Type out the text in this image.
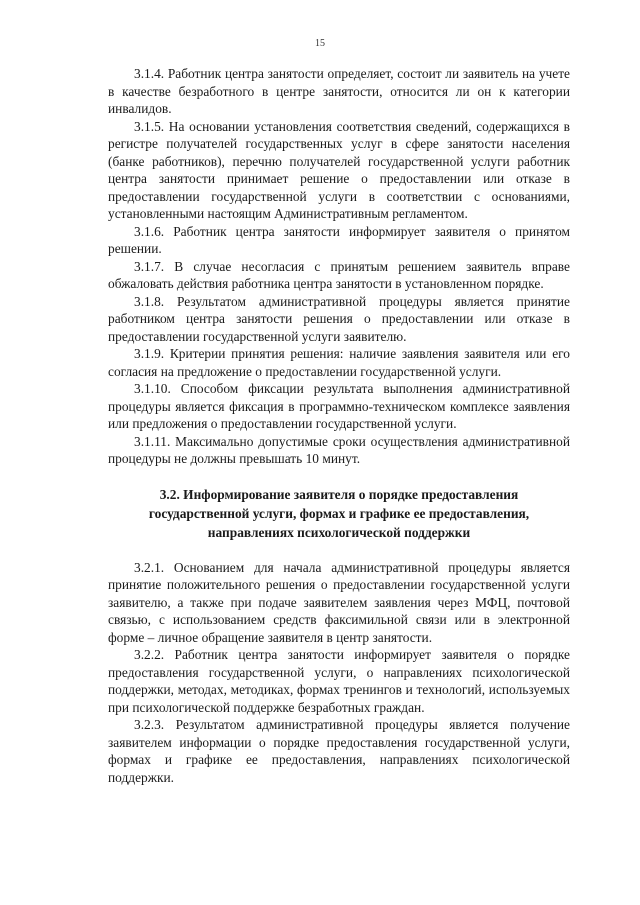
15

3.1.4. Работник центра занятости определяет, состоит ли заявитель на учете в качестве безработного в центре занятости, относится ли он к категории инвалидов.

3.1.5. На основании установления соответствия сведений, содержащихся в регистре получателей государственных услуг в сфере занятости населения (банке работников), перечню получателей государственной услуги работник центра занятости принимает решение о предоставлении или отказе в предоставлении государственной услуги в соответствии с основаниями, установленными настоящим Административным регламентом.

3.1.6. Работник центра занятости информирует заявителя о принятом решении.

3.1.7. В случае несогласия с принятым решением заявитель вправе обжаловать действия работника центра занятости в установленном порядке.

3.1.8. Результатом административной процедуры является принятие работником центра занятости решения о предоставлении или отказе в предоставлении государственной услуги заявителю.

3.1.9. Критерии принятия решения: наличие заявления заявителя или его согласия на предложение о предоставлении государственной услуги.

3.1.10. Способом фиксации результата выполнения административной процедуры является фиксация в программно-техническом комплексе заявления или предложения о предоставлении государственной услуги.

3.1.11. Максимально допустимые сроки осуществления административной процедуры не должны превышать 10 минут.

3.2. Информирование заявителя о порядке предоставления
государственной услуги, формах и графике ее предоставления,
направлениях психологической поддержки

3.2.1. Основанием для начала административной процедуры является принятие положительного решения о предоставлении государственной услуги заявителю, а также при подаче заявителем заявления через МФЦ, почтовой связью, с использованием средств факсимильной связи или в электронной форме – личное обращение заявителя в центр занятости.

3.2.2. Работник центра занятости информирует заявителя о порядке предоставления государственной услуги, о направлениях психологической поддержки, методах, методиках, формах тренингов и технологий, используемых при психологической поддержке безработных граждан.

3.2.3. Результатом административной процедуры является получение заявителем информации о порядке предоставления государственной услуги, формах и графике ее предоставления, направлениях психологической поддержки.
